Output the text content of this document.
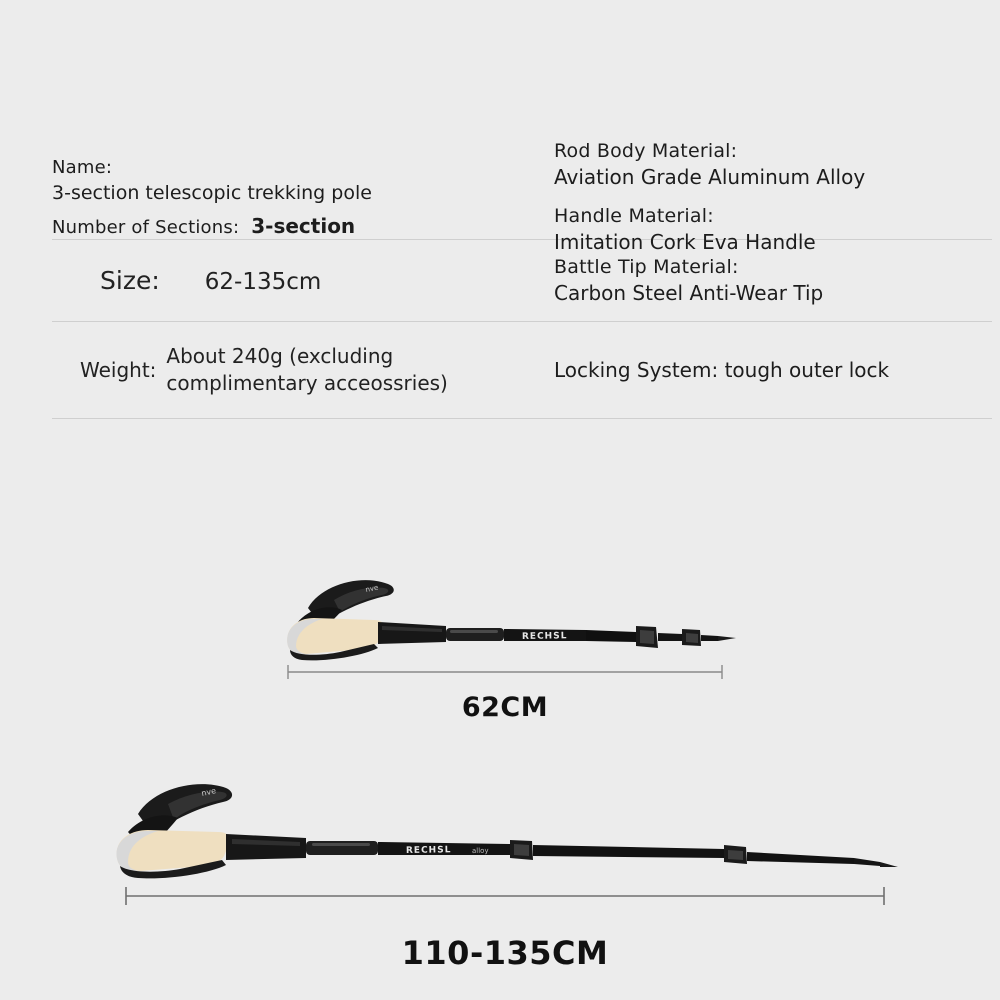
Name:
3-section telescopic trekking pole
Number of Sections: 3-section
Rod Body Material:
Aviation Grade Aluminum Alloy
Handle Material:
Imitation Cork Eva Handle
Size: 62-135cm
Battle Tip Material:
Carbon Steel Anti-Wear Tip
Weight:
About 240g (excluding
complimentary acceossries)
Locking System: tough outer lock
nve
RECHSL
62CM
nve
RECHSL	alloy
110-135CM
